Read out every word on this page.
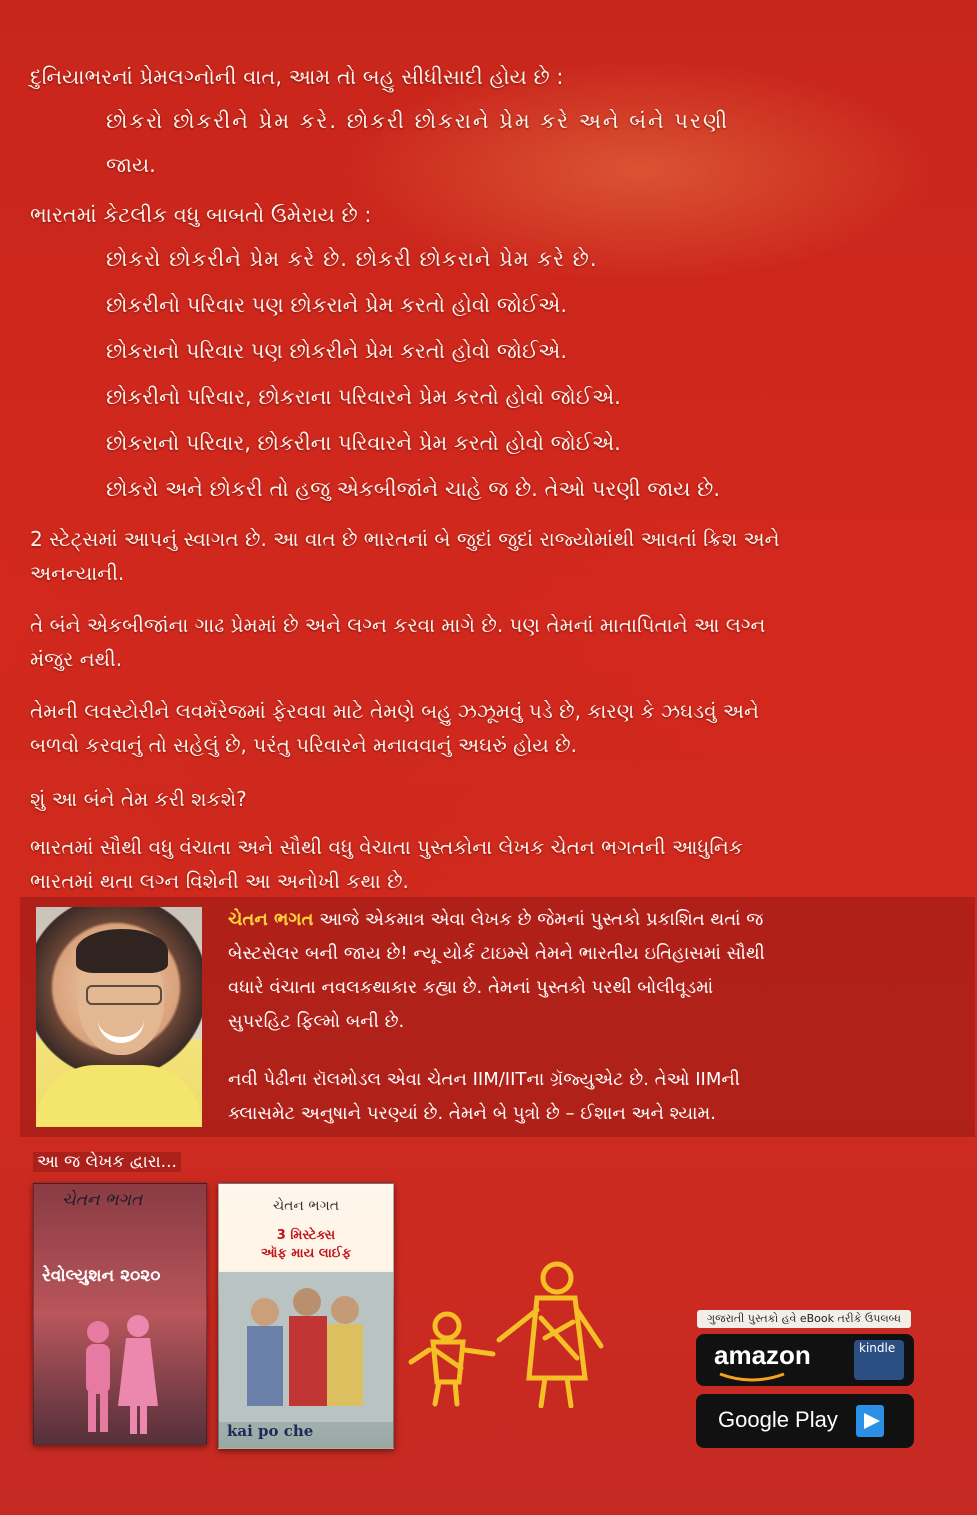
દુનિયાભરનાં પ્રેમલગ્નોની વાત, આમ તો બહુ સીધીસાદી હોય છે :
છોકરો છોકરીને પ્રેમ કરે. છોકરી છોકરાને પ્રેમ કરે અને બંને પરણી
જાય.
ભારતમાં કેટલીક વધુ બાબતો ઉમેરાય છે :
છોકરો છોકરીને પ્રેમ કરે છે. છોકરી છોકરાને પ્રેમ કરે છે.
છોકરીનો પરિવાર પણ છોકરાને પ્રેમ કરતો હોવો જોઈએ.
છોકરાનો પરિવાર પણ છોકરીને પ્રેમ કરતો હોવો જોઈએ.
છોકરીનો પરિવાર, છોકરાના પરિવારને પ્રેમ કરતો હોવો જોઈએ.
છોકરાનો પરિવાર, છોકરીના પરિવારને પ્રેમ કરતો હોવો જોઈએ.
છોકરો અને છોકરી તો હજુ એકબીજાંને ચાહે જ છે. તેઓ પરણી જાય છે.
2 સ્ટેટ્સમાં આપનું સ્વાગત છે. આ વાત છે ભારતનાં બે જુદાં જુદાં રાજ્યોમાંથી આવતાં ક્રિશ અને
અનન્યાની.
તે બંને એકબીજાંના ગાઢ પ્રેમમાં છે અને લગ્ન કરવા માગે છે. પણ તેમનાં માતાપિતાને આ લગ્ન
મંજુર નથી.
તેમની લવસ્ટોરીને લવમૅરેજમાં ફેરવવા માટે તેમણે બહુ ઝઝૂમવું પડે છે, કારણ કે ઝઘડવું અને
બળવો કરવાનું તો સહેલું છે, પરંતુ પરિવારને મનાવવાનું અઘરું હોય છે.
શું આ બંને તેમ કરી શકશે?
ભારતમાં સૌથી વધુ વંચાતા અને સૌથી વધુ વેચાતા પુસ્તકોના લેખક ચેતન ભગતની આધુનિક
ભારતમાં થતા લગ્ન વિશેની આ અનોખી કથા છે.
ચેતન ભગત આજે એકમાત્ર એવા લેખક છે જેમનાં પુસ્તકો પ્રકાશિત થતાં જ
બેસ્ટસેલર બની જાય છે! ન્યૂ યોર્ક ટાઇમ્સે તેમને ભારતીય ઇતિહાસમાં સૌથી
વધારે વંચાતા નવલકથાકાર કહ્યા છે. તેમનાં પુસ્તકો પરથી બોલીવૂડમાં
સુપરહિટ ફિલ્મો બની છે.
નવી પેઢીના રૉલમોડલ એવા ચેતન IIM/IITના ગ્રૅજ્યુએટ છે. તેઓ IIMની
ક્લાસમેટ અનુષાને પરણ્યાં છે. તેમને બે પુત્રો છે – ઈશાન અને શ્યામ.
આ જ લેખક દ્વારા...
ચેતન ભગત
રેવોલ્યુશન ૨૦૨૦
ચેતન ભગત
3 મિસ્ટેક્સ
ઑફ માય લાઈફ
kai po che
ગુજરાતી પુસ્તકો હવે eBook તરીકે ઉપલબ્ધ
amazon	kindle
Google Play
